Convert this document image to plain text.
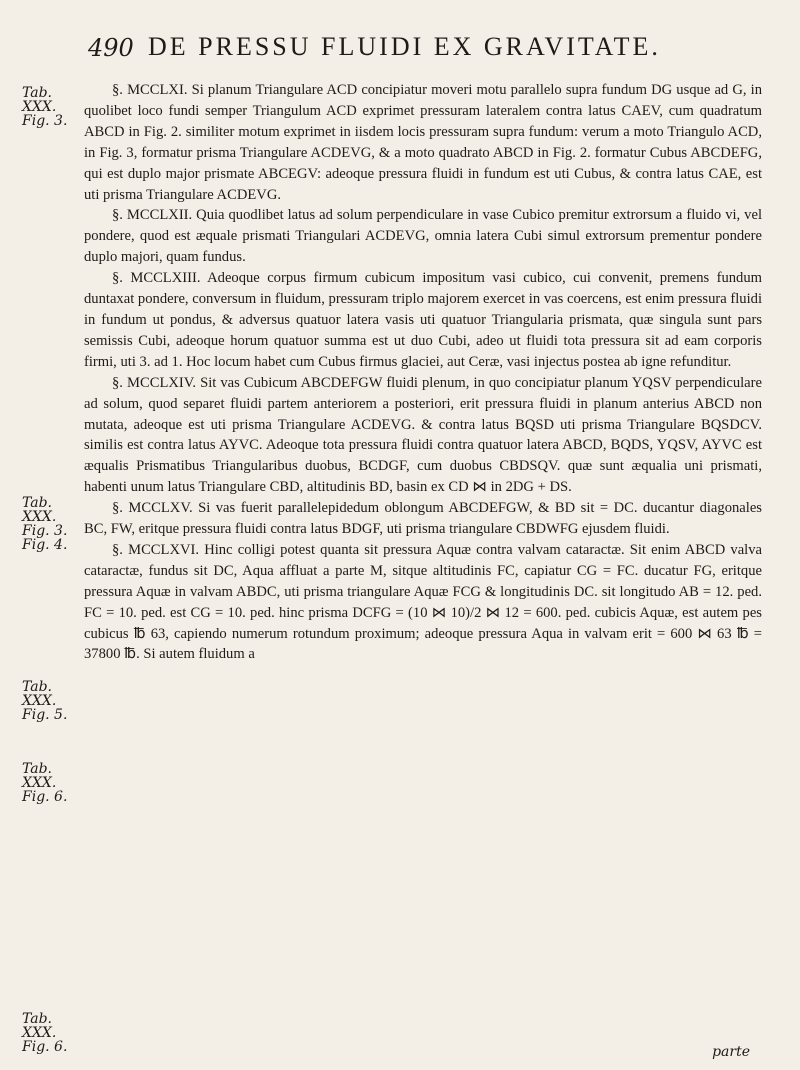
490 DE PRESSU FLUIDI EX GRAVITATE.
Tab.
XXX.
Fig. 3.
Tab.
XXX.
Fig. 3.
Fig. 4.
Tab.
XXX.
Fig. 5.
Tab.
XXX.
Fig. 6.
Tab.
XXX.
Fig. 6.

§. MCCLXI. Si planum Triangulare ACD concipiatur moveri motu parallelo supra fundum DG usque ad G, in quolibet loco fundi semper Triangulum ACD exprimet pressuram lateralem contra latus CAEV, cum quadratum ABCD in Fig. 2. similiter motum exprimet in iisdem locis pressuram supra fundum: verum a moto Triangulo ACD, in Fig. 3, formatur prisma Triangulare ACDEVG, & a moto quadrato ABCD in Fig. 2. formatur Cubus ABCDEFG, qui est duplo major prismate ABCEGV: adeoque pressura fluidi in fundum est uti Cubus, & contra latus CAE, est uti prisma Triangulare ACDEVG.

§. MCCLXII. Quia quodlibet latus ad solum perpendiculare in vase Cubico premitur extrorsum a fluido vi, vel pondere, quod est æquale prismati Triangulari ACDEVG, omnia latera Cubi simul extrorsum prementur pondere duplo majori, quam fundus.

§. MCCLXIII. Adeoque corpus firmum cubicum impositum vasi cubico, cui convenit, premens fundum duntaxat pondere, conversum in fluidum, pressuram triplo majorem exercet in vas coercens, est enim pressura fluidi in fundum ut pondus, & adversus quatuor latera vasis uti quatuor Triangularia prismata, quæ singula sunt pars semissis Cubi, adeoque horum quatuor summa est ut duo Cubi, adeo ut fluidi tota pressura sit ad eam corporis firmi, uti 3. ad 1. Hoc locum habet cum Cubus firmus glaciei, aut Ceræ, vasi injectus postea ab igne refunditur.

§. MCCLXIV. Sit vas Cubicum ABCDEFGW fluidi plenum, in quo concipiatur planum YQSV perpendiculare ad solum, quod separet fluidi partem anteriorem a posteriori, erit pressura fluidi in planum anterius ABCD non mutata, adeoque est uti prisma Triangulare ACDEVG. & contra latus BQSD uti prisma Triangulare BQSDCV. similis est contra latus AYVC. Adeoque tota pressura fluidi contra quatuor latera ABCD, BQDS, YQSV, AYVC est æqualis Prismatibus Triangularibus duobus, BCDGF, cum duobus CBDSQV. quæ sunt æqualia uni prismati, habenti unum latus Triangulare CBD, altitudinis BD, basin ex CD ⋈ in 2DG + DS.

§. MCCLXV. Si vas fuerit parallelepidedum oblongum ABCDEFGW, & BD sit = DC. ducantur diagonales BC, FW, eritque pressura fluidi contra latus BDGF, uti prisma triangulare CBDWFG ejusdem fluidi.

§. MCCLXVI. Hinc colligi potest quanta sit pressura Aquæ contra valvam cataractæ. Sit enim ABCD valva cataractæ, fundus sit DC, Aqua affluat a parte M, sitque altitudinis FC, capiatur CG = FC. ducatur FG, eritque pressura Aquæ in valvam ABDC, uti prisma triangulare Aquæ FCG & longitudinis DC. sit longitudo AB = 12. ped. FC = 10. ped. est CG = 10. ped. hinc prisma DCFG = (10 ⋈ 10)/2 ⋈ 12 = 600. ped. cubicis Aquæ, est autem pes cubicus ℔ 63, capiendo numerum rotundum proximum; adeoque pressura Aqua in valvam erit = 600 ⋈ 63 ℔ = 37800 ℔. Si autem fluidum a

parte
